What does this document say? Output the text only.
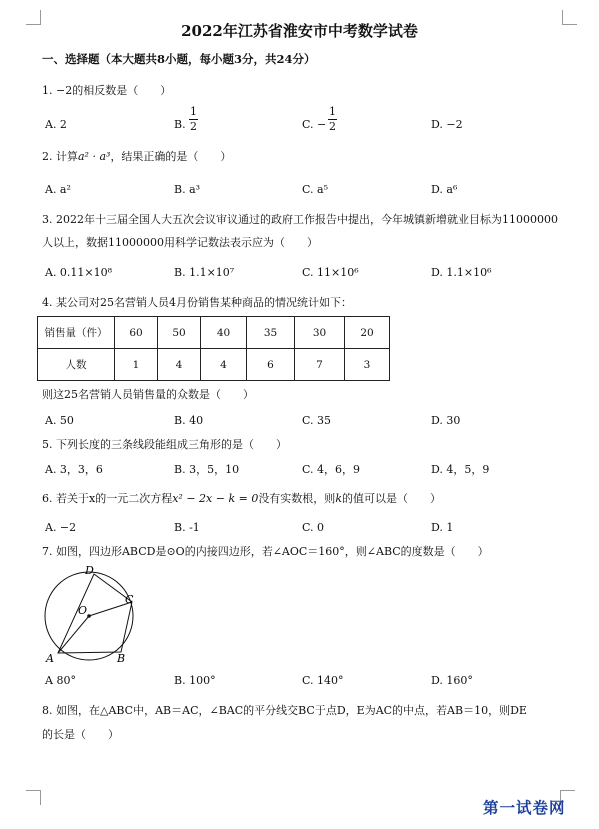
2022年江苏省淮安市中考数学试卷
一、选择题（本大题共8小题，每小题3分，共24分）
1. −2的相反数是（　　）
A. 2	B.
1
2	C. −
1
2	D. −2
2. 计算a² · a³，结果正确的是（　　）
A. a²	B. a³	C. a⁵	D. a⁶
3. 2022年十三届全国人大五次会议审议通过的政府工作报告中提出，今年城镇新增就业目标为11000000
人以上，数据11000000用科学记数法表示应为（　　）
A. 0.11×10⁸	B. 1.1×10⁷	C. 11×10⁶	D. 1.1×10⁶
4. 某公司对25名营销人员4月份销售某种商品的情况统计如下：
销售量（件）	60	50	40	35	30	20
人数	1	4	4	6	7	3
则这25名营销人员销售量的众数是（　　）
A. 50	B. 40	C. 35	D. 30
5. 下列长度的三条线段能组成三角形的是（　　）
A. 3，3，6	B. 3，5，10	C. 4，6，9	D. 4，5，9
6. 若关于x的一元二次方程x² − 2x − k = 0没有实数根，则k的值可以是（　　）
A. −2	B. -1	C. 0	D. 1
7. 如图，四边形ABCD是⊙O的内接四边形，若∠AOC＝160°，则∠ABC的度数是（　　）
D
C
O
A	B
A 80°	B. 100°	C. 140°	D. 160°
8. 如图，在△ABC中，AB＝AC，∠BAC的平分线交BC于点D，E为AC的中点，若AB＝10，则DE
的长是（　　）
第一试卷网
